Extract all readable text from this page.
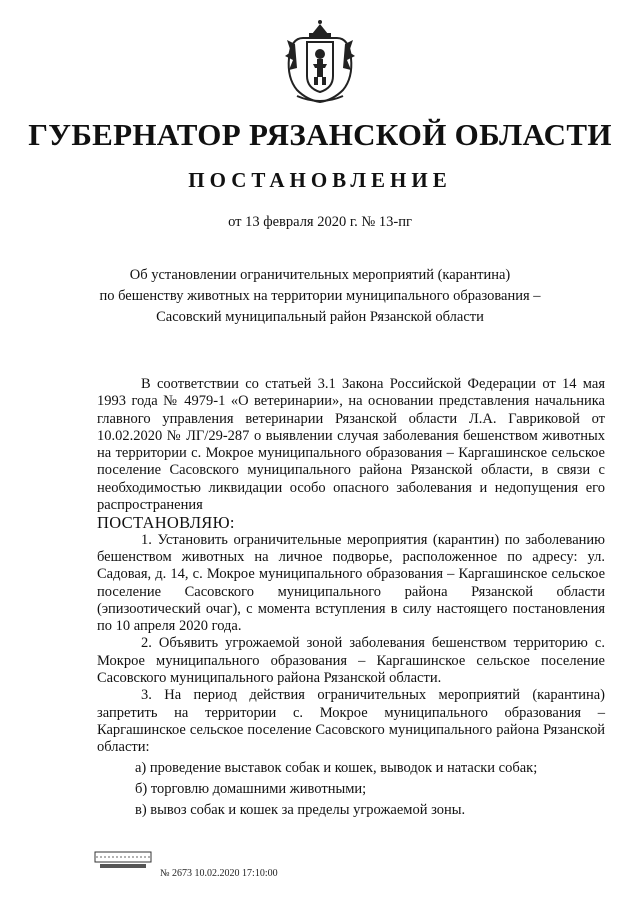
ГУБЕРНАТОР РЯЗАНСКОЙ ОБЛАСТИ
ПОСТАНОВЛЕНИЕ
от 13 февраля 2020 г. № 13-пг
Об установлении ограничительных мероприятий (карантина)
по бешенству животных на территории муниципального образования –
Сасовский муниципальный район Рязанской области

В соответствии со статьей 3.1 Закона Российской Федерации от 14 мая 1993 года № 4979-1 «О ветеринарии», на основании представления начальника главного управления ветеринарии Рязанской области Л.А. Гавриковой от 10.02.2020 № ЛГ/29-287 о выявлении случая заболевания бешенством животных на территории с. Мокрое муниципального образования – Каргашинское сельское поселение Сасовского муниципального района Рязанской области, в связи с необходимостью ликвидации особо опасного заболевания и недопущения его распространения

ПОСТАНОВЛЯЮ:

1. Установить ограничительные мероприятия (карантин) по заболеванию бешенством животных на личное подворье, расположенное по адресу: ул. Садовая, д. 14, с. Мокрое муниципального образования – Каргашинское сельское поселение Сасовского муниципального района Рязанской области (эпизоотический очаг), с момента вступления в силу настоящего постановления по 10 апреля 2020 года.

2. Объявить угрожаемой зоной заболевания бешенством территорию с. Мокрое муниципального образования – Каргашинское сельское поселение Сасовского муниципального района Рязанской области.

3. На период действия ограничительных мероприятий (карантина) запретить на территории с. Мокрое муниципального образования – Каргашинское сельское поселение Сасовского муниципального района Рязанской области:

а) проведение выставок собак и кошек, выводок и натаски собак;
б) торговлю домашними животными;
в) вывоз собак и кошек за пределы угрожаемой зоны.
№ 2673 10.02.2020 17:10:00
